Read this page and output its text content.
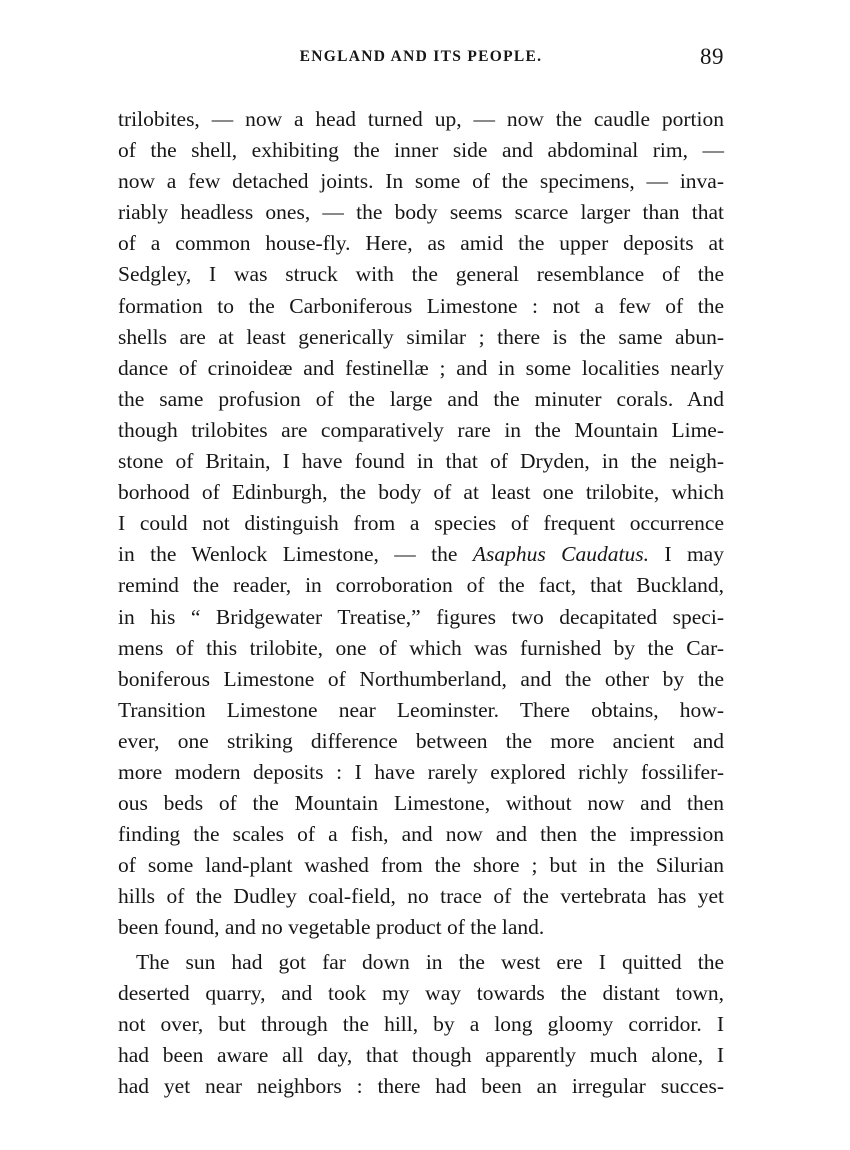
ENGLAND AND ITS PEOPLE.	89
trilobites, — now a head turned up, — now the caudle portion
of the shell, exhibiting the inner side and abdominal rim, —
now a few detached joints. In some of the specimens, — inva-
riably headless ones, — the body seems scarce larger than that
of a common house-fly. Here, as amid the upper deposits at
Sedgley, I was struck with the general resemblance of the
formation to the Carboniferous Limestone : not a few of the
shells are at least generically similar ; there is the same abun-
dance of crinoideæ and festinellæ ; and in some localities nearly
the same profusion of the large and the minuter corals. And
though trilobites are comparatively rare in the Mountain Lime-
stone of Britain, I have found in that of Dryden, in the neigh-
borhood of Edinburgh, the body of at least one trilobite, which
I could not distinguish from a species of frequent occurrence
in the Wenlock Limestone, — the Asaphus Caudatus. I may
remind the reader, in corroboration of the fact, that Buckland,
in his “ Bridgewater Treatise,” figures two decapitated speci-
mens of this trilobite, one of which was furnished by the Car-
boniferous Limestone of Northumberland, and the other by the
Transition Limestone near Leominster. There obtains, how-
ever, one striking difference between the more ancient and
more modern deposits : I have rarely explored richly fossilifer-
ous beds of the Mountain Limestone, without now and then
finding the scales of a fish, and now and then the impression
of some land-plant washed from the shore ; but in the Silurian
hills of the Dudley coal-field, no trace of the vertebrata has yet
been found, and no vegetable product of the land.
The sun had got far down in the west ere I quitted the
deserted quarry, and took my way towards the distant town,
not over, but through the hill, by a long gloomy corridor. I
had been aware all day, that though apparently much alone, I
had yet near neighbors : there had been an irregular succes-
